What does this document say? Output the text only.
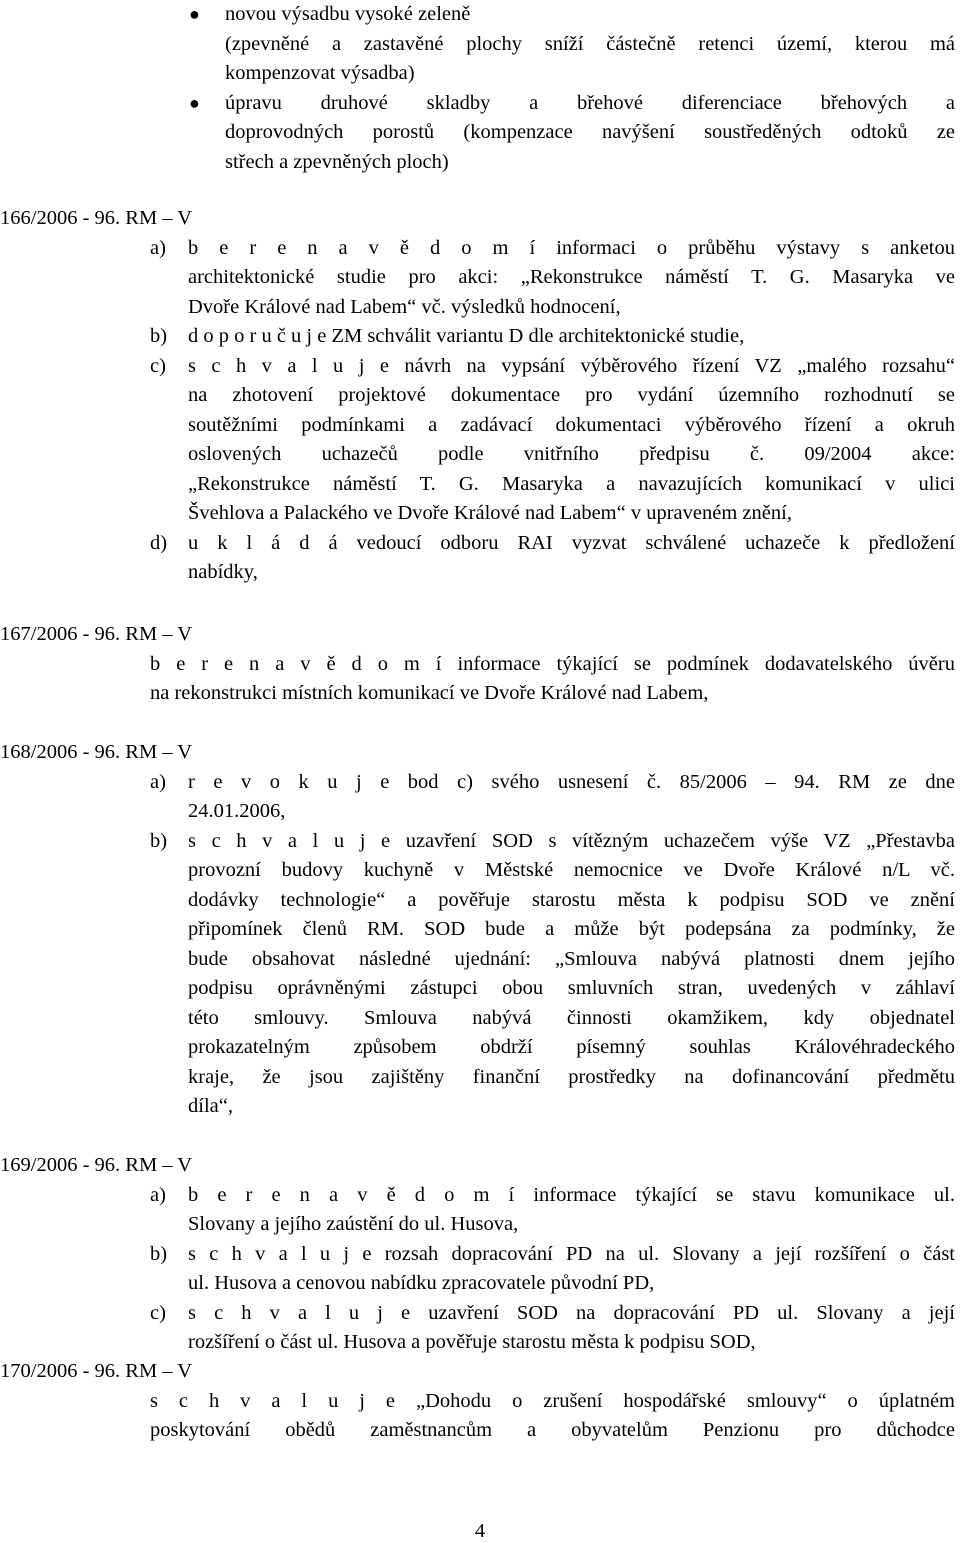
● novou výsadbu vysoké zeleně

(zpevněné a zastavěné plochy sníží částečně retenci území, kterou má

kompenzovat výsadba)

● úpravu druhové skladby a břehové diferenciace břehových a

doprovodných porostů (kompenzace navýšení soustředěných odtoků ze

střech a zpevněných ploch)

166/2006 - 96. RM – V

a) b e r e n a v ě d o m í informaci o průběhu výstavy s anketou

architektonické studie pro akci: „Rekonstrukce náměstí T. G. Masaryka ve

Dvoře Králové nad Labem“ vč. výsledků hodnocení,

b) d o p o r u č u j e ZM schválit variantu D dle architektonické studie,

c) s c h v a l u j e návrh na vypsání výběrového řízení VZ „malého rozsahu“

na zhotovení projektové dokumentace pro vydání územního rozhodnutí se

soutěžními podmínkami a zadávací dokumentaci výběrového řízení a okruh

oslovených uchazečů podle vnitřního předpisu č. 09/2004 akce:

„Rekonstrukce náměstí T. G. Masaryka a navazujících komunikací v ulici

Švehlova a Palackého ve Dvoře Králové nad Labem“ v upraveném znění,

d) u k l á d á vedoucí odboru RAI vyzvat schválené uchazeče k předložení

nabídky,

167/2006 - 96. RM – V

b e r e n a v ě d o m í informace týkající se podmínek dodavatelského úvěru

na rekonstrukci místních komunikací ve Dvoře Králové nad Labem,

168/2006 - 96. RM – V

a) r e v o k u j e bod c) svého usnesení č. 85/2006 – 94. RM ze dne

24.01.2006,

b) s c h v a l u j e uzavření SOD s vítězným uchazečem výše VZ „Přestavba

provozní budovy kuchyně v Městské nemocnice ve Dvoře Králové n/L vč.

dodávky technologie“ a pověřuje starostu města k podpisu SOD ve znění

připomínek členů RM. SOD bude a může být podepsána za podmínky, že

bude obsahovat následné ujednání: „Smlouva nabývá platnosti dnem jejího

podpisu oprávněnými zástupci obou smluvních stran, uvedených v záhlaví

této smlouvy. Smlouva nabývá činnosti okamžikem, kdy objednatel

prokazatelným způsobem obdrží písemný souhlas Královéhradeckého

kraje, že jsou zajištěny finanční prostředky na dofinancování předmětu

díla“,

169/2006 - 96. RM – V

a) b e r e n a v ě d o m í informace týkající se stavu komunikace ul.

Slovany a jejího zaústění do ul. Husova,

b) s c h v a l u j e rozsah dopracování PD na ul. Slovany a její rozšíření o část

ul. Husova a cenovou nabídku zpracovatele původní PD,

c) s c h v a l u j e uzavření SOD na dopracování PD ul. Slovany a její

rozšíření o část ul. Husova a pověřuje starostu města k podpisu SOD,

170/2006 - 96. RM – V

s c h v a l u j e „Dohodu o zrušení hospodářské smlouvy“ o úplatném

poskytování obědů zaměstnancům a obyvatelům Penzionu pro důchodce

4
